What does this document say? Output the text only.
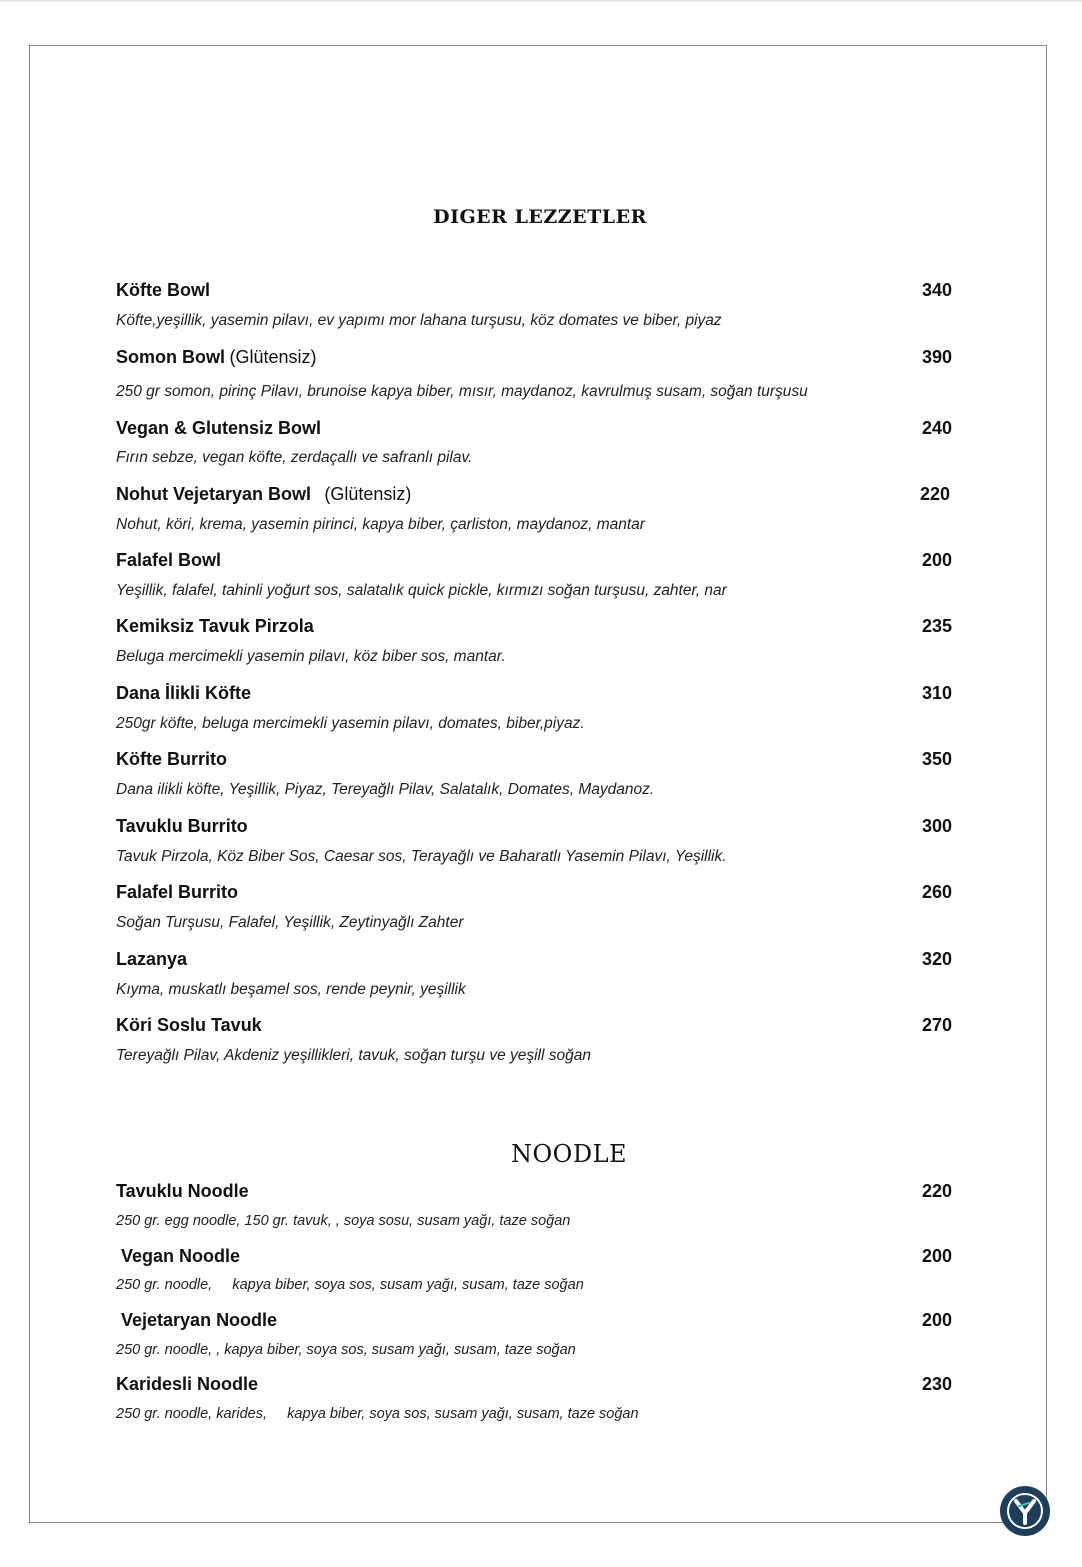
DIGER LEZZETLER
Köfte Bowl	340
Köfte,yeşillik, yasemin pilavı, ev yapımı mor lahana turşusu, köz domates ve biber, piyaz
Somon Bowl (Glütensiz)	390
250 gr somon, pirinç Pilavı, brunoise kapya biber, mısır, maydanoz, kavrulmuş susam, soğan turşusu
Vegan & Glutensiz Bowl	240
Fırın sebze, vegan köfte, zerdaçallı ve safranlı pilav.
Nohut Vejetaryan Bowl (Glütensiz)	220
Nohut, köri, krema, yasemin pirinci, kapya biber, çarliston, maydanoz, mantar
Falafel Bowl	200
Yeşillik, falafel, tahinli yoğurt sos, salatalık quick pickle, kırmızı soğan turşusu, zahter, nar
Kemiksiz Tavuk Pirzola	235
Beluga mercimekli yasemin pilavı, köz biber sos, mantar.
Dana İlikli Köfte	310
250gr köfte, beluga mercimekli yasemin pilavı, domates, biber,piyaz.
Köfte Burrito	350
Dana ilikli köfte, Yeşillik, Piyaz, Tereyağlı Pilav, Salatalık, Domates, Maydanoz.
Tavuklu Burrito	300
Tavuk Pirzola, Köz Biber Sos, Caesar sos, Terayağlı ve Baharatlı Yasemin Pilavı, Yeşillik.
Falafel Burrito	260
Soğan Turşusu, Falafel, Yeşillik, Zeytinyağlı Zahter
Lazanya	320
Kıyma, muskatlı beşamel sos, rende peynir, yeşillik
Köri Soslu Tavuk	270
Tereyağlı Pilav, Akdeniz yeşillikleri, tavuk, soğan turşu ve yeşill soğan
NOODLE
Tavuklu Noodle	220
250 gr. egg noodle, 150 gr. tavuk, , soya sosu, susam yağı, taze soğan
Vegan Noodle	200
250 gr. noodle,     kapya biber, soya sos, susam yağı, susam, taze soğan
Vejetaryan Noodle	200
250 gr. noodle, , kapya biber, soya sos, susam yağı, susam, taze soğan
Karidesli Noodle	230
250 gr. noodle, karides,     kapya biber, soya sos, susam yağı, susam, taze soğan
